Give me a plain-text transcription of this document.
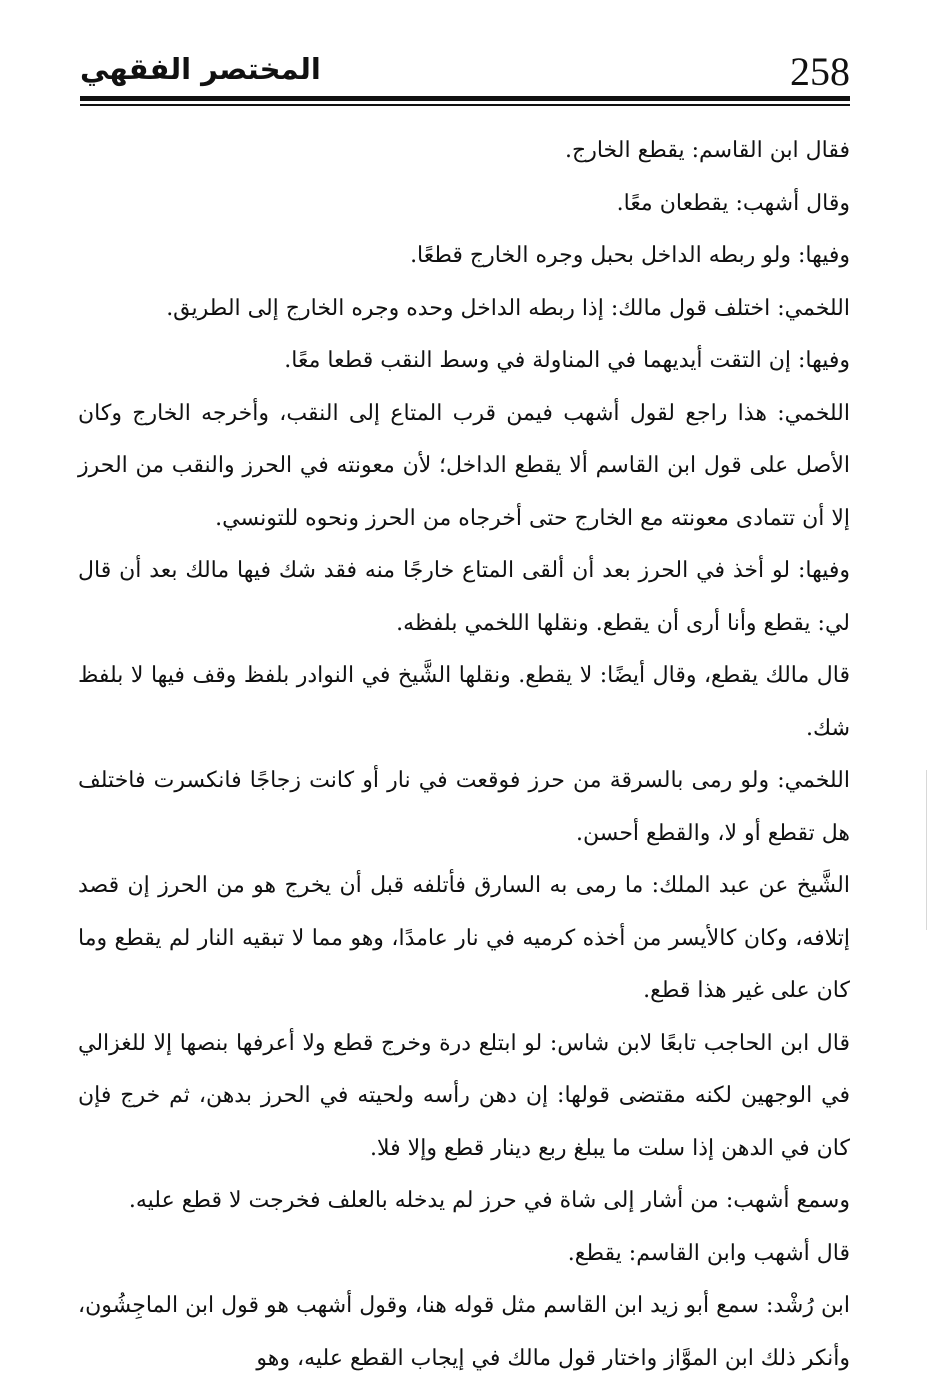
258
المختصر الفقهي

فقال ابن القاسم: يقطع الخارج.

وقال أشهب: يقطعان معًا.

وفيها: ولو ربطه الداخل بحبل وجره الخارج قطعًا.

اللخمي: اختلف قول مالك: إذا ربطه الداخل وحده وجره الخارج إلى الطريق.

وفيها: إن التقت أيديهما في المناولة في وسط النقب قطعا معًا.

اللخمي: هذا راجع لقول أشهب فيمن قرب المتاع إلى النقب، وأخرجه الخارج وكان الأصل على قول ابن القاسم ألا يقطع الداخل؛ لأن معونته في الحرز والنقب من الحرز إلا أن تتمادى معونته مع الخارج حتى أخرجاه من الحرز ونحوه للتونسي.

وفيها: لو أخذ في الحرز بعد أن ألقى المتاع خارجًا منه فقد شك فيها مالك بعد أن قال لي: يقطع وأنا أرى أن يقطع. ونقلها اللخمي بلفظه.

قال مالك يقطع، وقال أيضًا: لا يقطع. ونقلها الشَّيخ في النوادر بلفظ وقف فيها لا بلفظ شك.

اللخمي: ولو رمى بالسرقة من حرز فوقعت في نار أو كانت زجاجًا فانكسرت فاختلف هل تقطع أو لا، والقطع أحسن.

الشَّيخ عن عبد الملك: ما رمى به السارق فأتلفه قبل أن يخرج هو من الحرز إن قصد إتلافه، وكان كالأيسر من أخذه كرميه في نار عامدًا، وهو مما لا تبقيه النار لم يقطع وما كان على غير هذا قطع.

قال ابن الحاجب تابعًا لابن شاس: لو ابتلع درة وخرج قطع ولا أعرفها بنصها إلا للغزالي في الوجهين لكنه مقتضى قولها: إن دهن رأسه ولحيته في الحرز بدهن، ثم خرج فإن كان في الدهن إذا سلت ما يبلغ ربع دينار قطع وإلا فلا.

وسمع أشهب: من أشار إلى شاة في حرز لم يدخله بالعلف فخرجت لا قطع عليه.

قال أشهب وابن القاسم: يقطع.

ابن رُشْد: سمع أبو زيد ابن القاسم مثل قوله هنا، وقول أشهب هو قول ابن الماجِشُون، وأنكر ذلك ابن الموَّاز واختار قول مالك في إيجاب القطع عليه، وهو
